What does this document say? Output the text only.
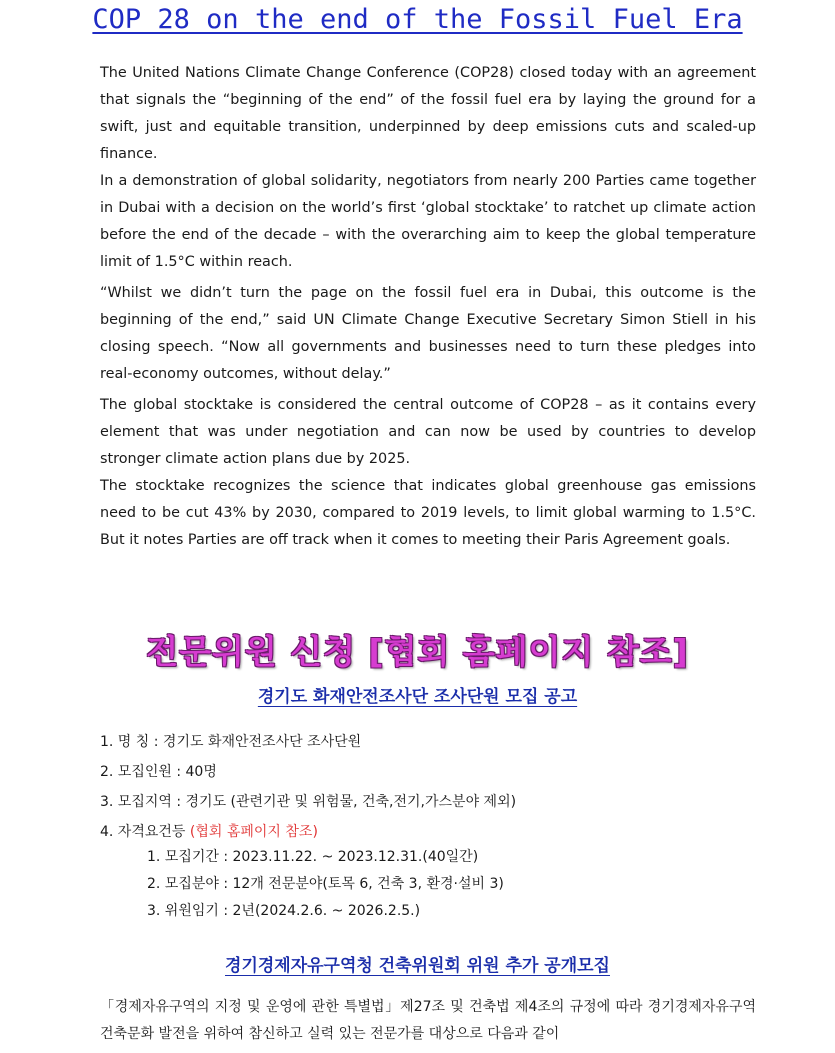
COP 28 on the end of the Fossil Fuel Era

The United Nations Climate Change Conference (COP28) closed today with an agreement that signals the “beginning of the end” of the fossil fuel era by laying the ground for a swift, just and equitable transition, underpinned by deep emissions cuts and scaled-up finance.

In a demonstration of global solidarity, negotiators from nearly 200 Parties came together in Dubai with a decision on the world’s first ‘global stocktake’ to ratchet up climate action before the end of the decade – with the overarching aim to keep the global temperature limit of 1.5°C within reach.

“Whilst we didn’t turn the page on the fossil fuel era in Dubai, this outcome is the beginning of the end,” said UN Climate Change Executive Secretary Simon Stiell in his closing speech. “Now all governments and businesses need to turn these pledges into real-economy outcomes, without delay.”

The global stocktake is considered the central outcome of COP28 – as it contains every element that was under negotiation and can now be used by countries to develop stronger climate action plans due by 2025.

The stocktake recognizes the science that indicates global greenhouse gas emissions need to be cut 43% by 2030, compared to 2019 levels, to limit global warming to 1.5°C. But it notes Parties are off track when it comes to meeting their Paris Agreement goals.

전문위원 신청 [협회 홈페이지 참조]
경기도 화재안전조사단 조사단원 모집 공고
1. 명 칭 : 경기도 화재안전조사단 조사단원
2. 모집인원 : 40명
3. 모집지역 : 경기도 (관련기관 및 위험물, 건축,전기,가스분야 제외)
4. 자격요건등 (협회 홈페이지 참조)
1. 모집기간 : 2023.11.22. ~ 2023.12.31.(40일간)
2. 모집분야 : 12개 전문분야(토목 6, 건축 3, 환경·설비 3)
3. 위원임기 : 2년(2024.2.6. ~ 2026.2.5.)
경기경제자유구역청 건축위원회 위원 추가 공개모집

「경제자유구역의 지정 및 운영에 관한 특별법」제27조 및 건축법 제4조의 규정에 따라 경기경제자유구역 건축문화 발전을 위하여 참신하고 실력 있는 전문가를 대상으로 다음과 같이
